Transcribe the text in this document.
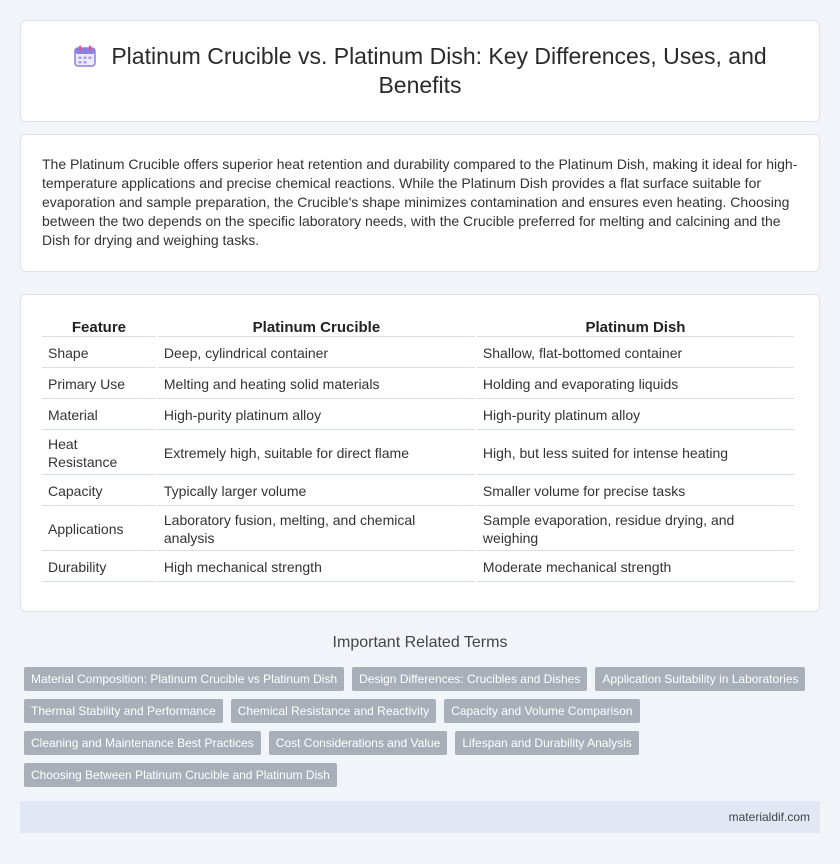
Platinum Crucible vs. Platinum Dish: Key Differences, Uses, and Benefits

The Platinum Crucible offers superior heat retention and durability compared to the Platinum Dish, making it ideal for high-temperature applications and precise chemical reactions. While the Platinum Dish provides a flat surface suitable for evaporation and sample preparation, the Crucible's shape minimizes contamination and ensures even heating. Choosing between the two depends on the specific laboratory needs, with the Crucible preferred for melting and calcining and the Dish for drying and weighing tasks.

Feature	Platinum Crucible	Platinum Dish
Shape	Deep, cylindrical container	Shallow, flat-bottomed container
Primary Use	Melting and heating solid materials	Holding and evaporating liquids
Material	High-purity platinum alloy	High-purity platinum alloy
Heat Resistance	Extremely high, suitable for direct flame	High, but less suited for intense heating
Capacity	Typically larger volume	Smaller volume for precise tasks
Applications	Laboratory fusion, melting, and chemical analysis	Sample evaporation, residue drying, and weighing
Durability	High mechanical strength	Moderate mechanical strength
Important Related Terms
Material Composition: Platinum Crucible vs Platinum Dish	Design Differences: Crucibles and Dishes	Application Suitability in Laboratories
Thermal Stability and Performance	Chemical Resistance and Reactivity	Capacity and Volume Comparison
Cleaning and Maintenance Best Practices	Cost Considerations and Value	Lifespan and Durability Analysis
Choosing Between Platinum Crucible and Platinum Dish
materialdif.com
